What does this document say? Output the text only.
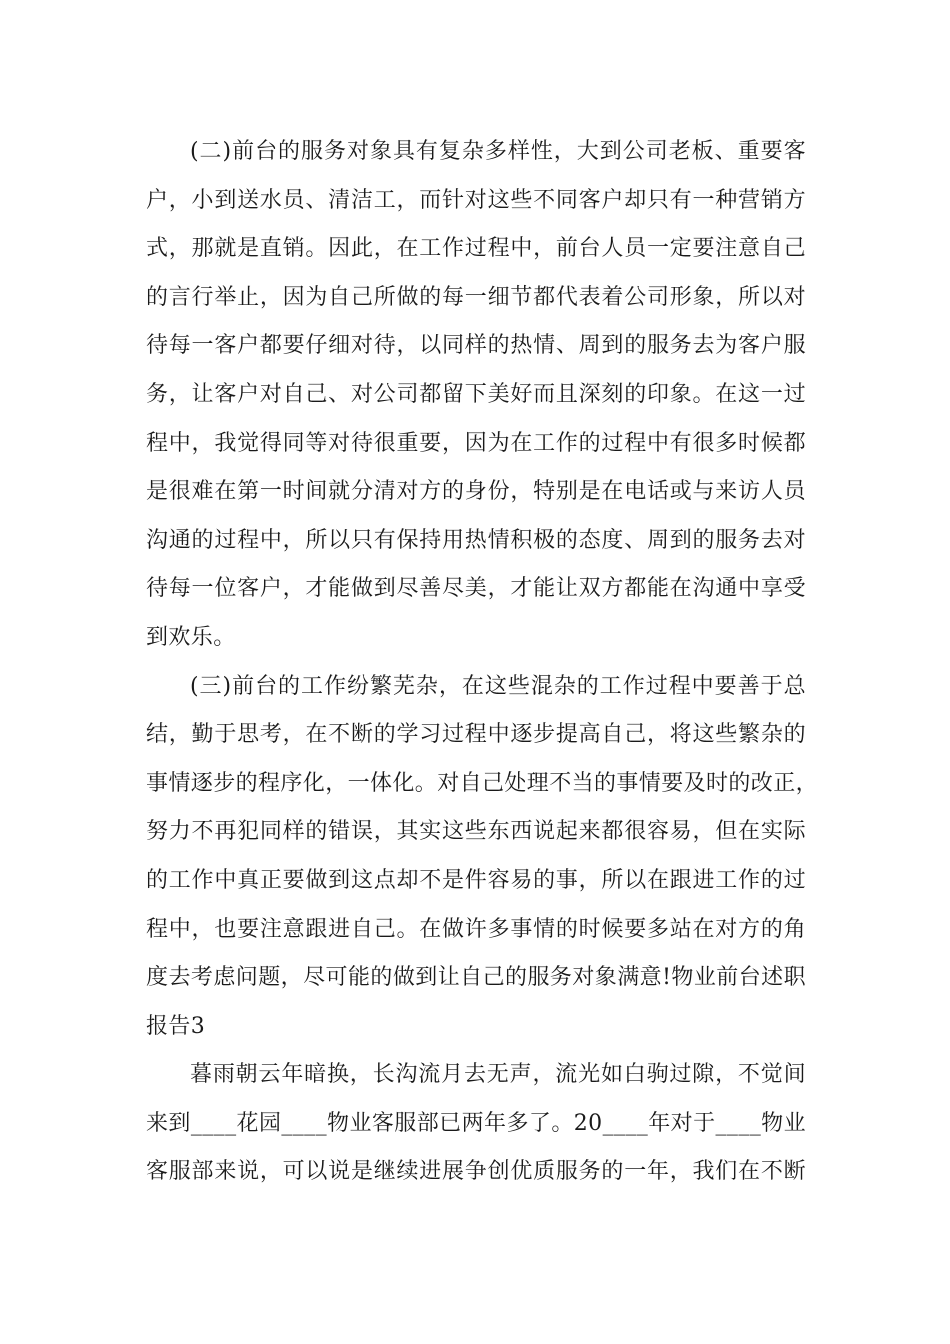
(二)前台的服务对象具有复杂多样性，大到公司老板、重要客
户，小到送水员、清洁工，而针对这些不同客户却只有一种营销方
式，那就是直销。因此，在工作过程中，前台人员一定要注意自己
的言行举止，因为自己所做的每一细节都代表着公司形象，所以对
待每一客户都要仔细对待，以同样的热情、周到的服务去为客户服
务，让客户对自己、对公司都留下美好而且深刻的印象。在这一过
程中，我觉得同等对待很重要，因为在工作的过程中有很多时候都
是很难在第一时间就分清对方的身份，特别是在电话或与来访人员
沟通的过程中，所以只有保持用热情积极的态度、周到的服务去对
待每一位客户，才能做到尽善尽美，才能让双方都能在沟通中享受
到欢乐。
(三)前台的工作纷繁芜杂，在这些混杂的工作过程中要善于总
结，勤于思考，在不断的学习过程中逐步提高自己，将这些繁杂的
事情逐步的程序化，一体化。对自己处理不当的事情要及时的改正，
努力不再犯同样的错误，其实这些东西说起来都很容易，但在实际
的工作中真正要做到这点却不是件容易的事，所以在跟进工作的过
程中，也要注意跟进自己。在做许多事情的时候要多站在对方的角
度去考虑问题，尽可能的做到让自己的服务对象满意!物业前台述职
报告3
暮雨朝云年暗换，长沟流月去无声，流光如白驹过隙，不觉间
来到____花园____物业客服部已两年多了。20____年对于____物业
客服部来说，可以说是继续进展争创优质服务的一年，我们在不断
